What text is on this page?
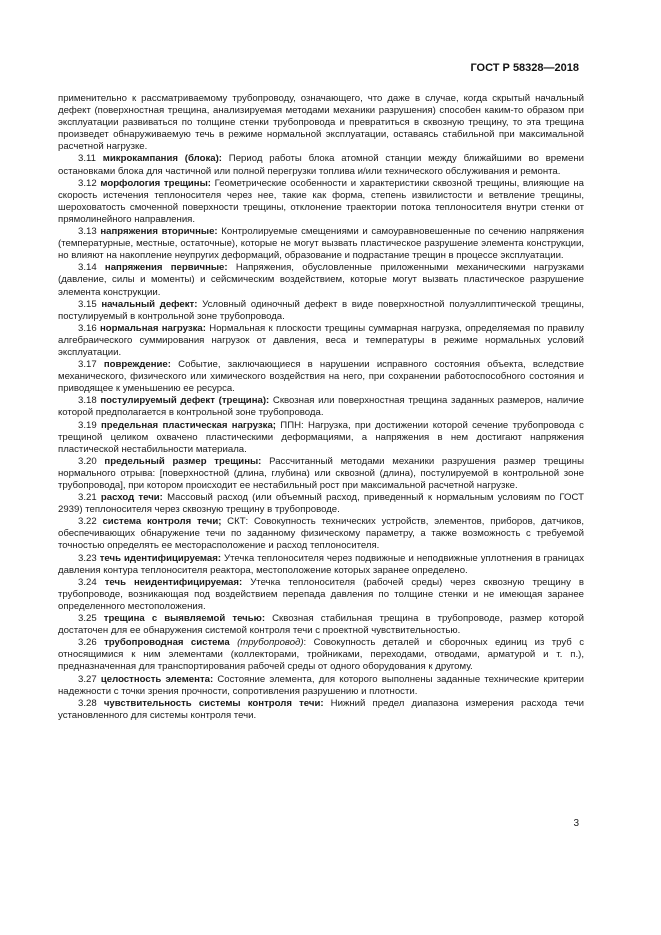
ГОСТ Р 58328—2018

применительно к рассматриваемому трубопроводу, означающего, что даже в случае, когда скрытый начальный дефект (поверхностная трещина, анализируемая методами механики разрушения) способен каким-то образом при эксплуатации развиваться по толщине стенки трубопровода и превратиться в сквозную трещину, то эта трещина произведет обнаруживаемую течь в режиме нормальной эксплуатации, оставаясь стабильной при максимальной расчетной нагрузке.

3.11 микрокампания (блока): Период работы блока атомной станции между ближайшими во времени остановками блока для частичной или полной перегрузки топлива и/или технического обслуживания и ремонта.

3.12 морфология трещины: Геометрические особенности и характеристики сквозной трещины, влияющие на скорость истечения теплоносителя через нее, такие как форма, степень извилистости и ветвление трещины, шероховатость смоченной поверхности трещины, отклонение траектории потока теплоносителя внутри стенки от прямолинейного направления.

3.13 напряжения вторичные: Контролируемые смещениями и самоуравновешенные по сечению напряжения (температурные, местные, остаточные), которые не могут вызвать пластическое разрушение элемента конструкции, но влияют на накопление неупругих деформаций, образование и подрастание трещин в процессе эксплуатации.

3.14 напряжения первичные: Напряжения, обусловленные приложенными механическими нагрузками (давление, силы и моменты) и сейсмическим воздействием, которые могут вызвать пластическое разрушение элемента конструкции.

3.15 начальный дефект: Условный одиночный дефект в виде поверхностной полуэллиптической трещины, постулируемый в контрольной зоне трубопровода.

3.16 нормальная нагрузка: Нормальная к плоскости трещины суммарная нагрузка, определяемая по правилу алгебраического суммирования нагрузок от давления, веса и температуры в режиме нормальных условий эксплуатации.

3.17 повреждение: Событие, заключающиеся в нарушении исправного состояния объекта, вследствие механического, физического или химического воздействия на него, при сохранении работоспособного состояния и приводящее к уменьшению ее ресурса.

3.18 постулируемый дефект (трещина): Сквозная или поверхностная трещина заданных размеров, наличие которой предполагается в контрольной зоне трубопровода.

3.19 предельная пластическая нагрузка; ППН: Нагрузка, при достижении которой сечение трубопровода с трещиной целиком охвачено пластическими деформациями, а напряжения в нем достигают напряжения пластической нестабильности материала.

3.20 предельный размер трещины: Рассчитанный методами механики разрушения размер трещины нормального отрыва: [поверхностной (длина, глубина) или сквозной (длина), постулируемой в контрольной зоне трубопровода], при котором происходит ее нестабильный рост при максимальной расчетной нагрузке.

3.21 расход течи: Массовый расход (или объемный расход, приведенный к нормальным условиям по ГОСТ 2939) теплоносителя через сквозную трещину в трубопроводе.

3.22 система контроля течи; СКТ: Совокупность технических устройств, элементов, приборов, датчиков, обеспечивающих обнаружение течи по заданному физическому параметру, а также возможность с требуемой точностью определять ее месторасположение и расход теплоносителя.

3.23 течь идентифицируемая: Утечка теплоносителя через подвижные и неподвижные уплотнения в границах давления контура теплоносителя реактора, местоположение которых заранее определено.

3.24 течь неидентифицируемая: Утечка теплоносителя (рабочей среды) через сквозную трещину в трубопроводе, возникающая под воздействием перепада давления по толщине стенки и не имеющая заранее определенного местоположения.

3.25 трещина с выявляемой течью: Сквозная стабильная трещина в трубопроводе, размер которой достаточен для ее обнаружения системой контроля течи с проектной чувствительностью.

3.26 трубопроводная система (трубопровод): Совокупность деталей и сборочных единиц из труб с относящимися к ним элементами (коллекторами, тройниками, переходами, отводами, арматурой и т. п.), предназначенная для транспортирования рабочей среды от одного оборудования к другому.

3.27 целостность элемента: Состояние элемента, для которого выполнены заданные технические критерии надежности с точки зрения прочности, сопротивления разрушению и плотности.

3.28 чувствительность системы контроля течи: Нижний предел диапазона измерения расхода течи установленного для системы контроля течи.

3
